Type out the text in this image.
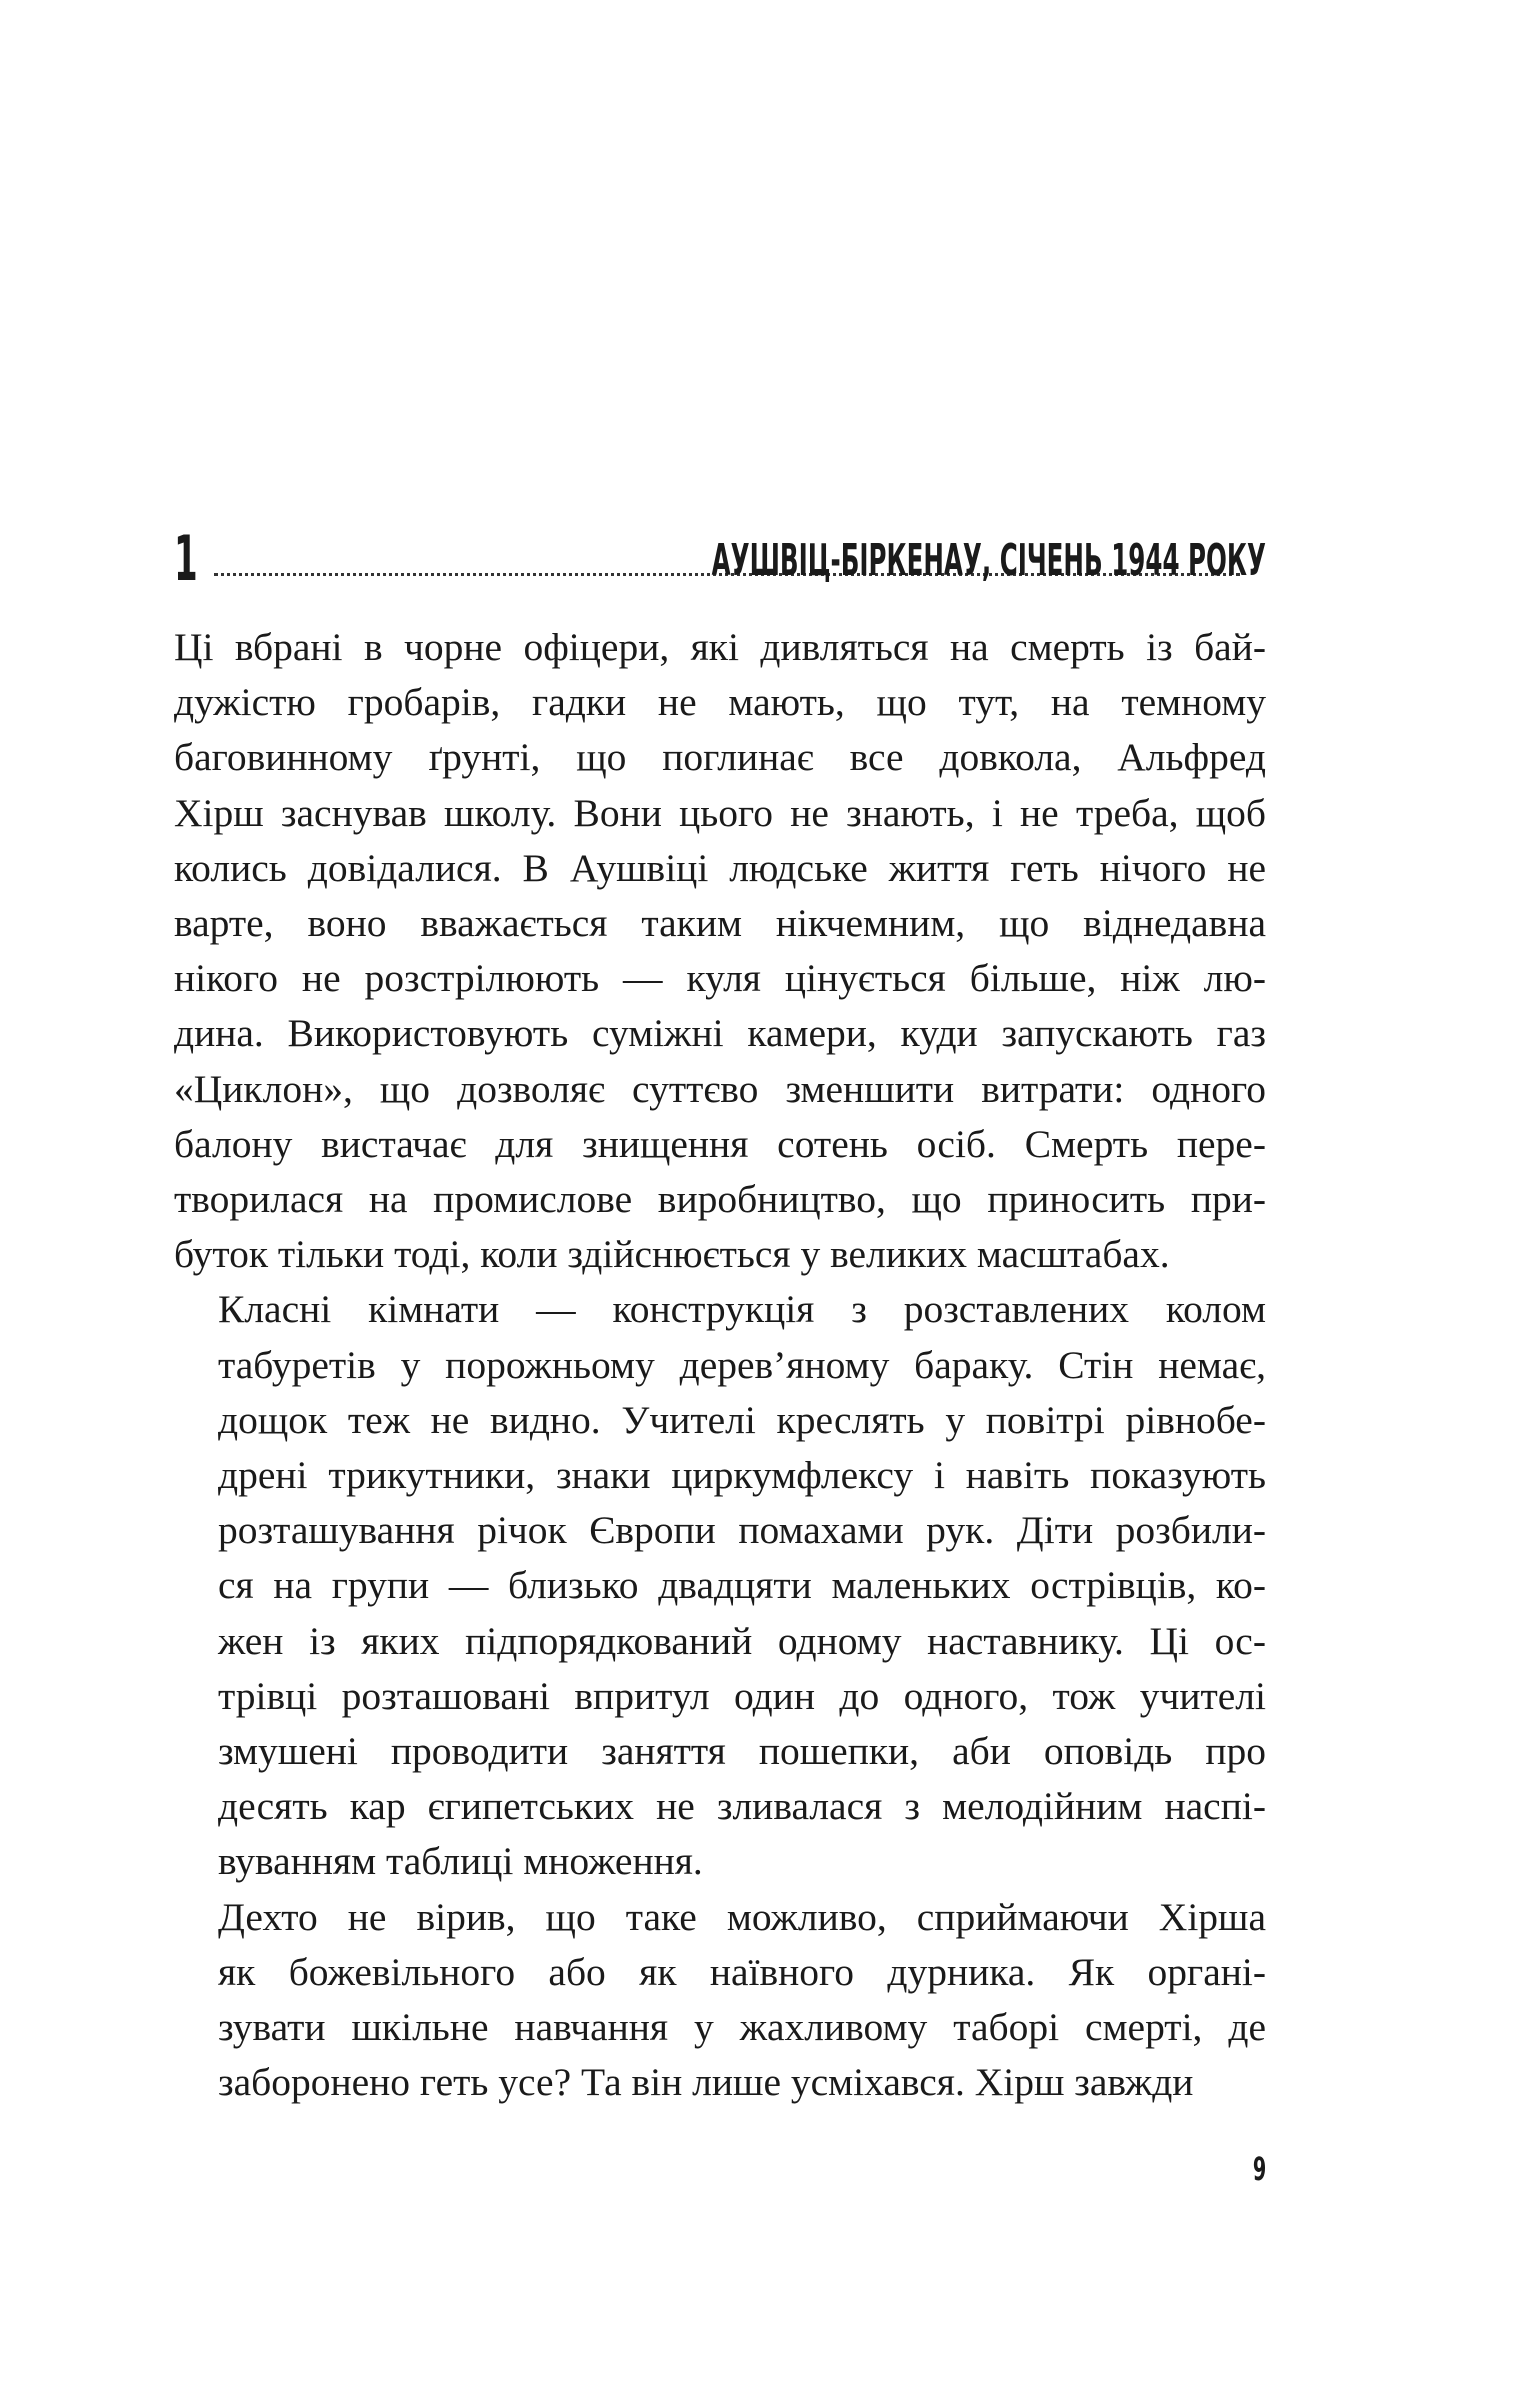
1	АУШВІЦ-БІРКЕНАУ, СІЧЕНЬ 1944 РОКУ

Ці вбрані в чорне офіцери, які дивляться на смерть із бай-
дужістю гробарів, гадки не мають, що тут, на темному
баговинному ґрунті, що поглинає все довкола, Альфред
Хірш заснував школу. Вони цього не знають, і не треба, щоб
колись довідалися. В Аушвіці людське життя геть нічого не
варте, воно вважається таким нікчемним, що віднедавна
нікого не розстрілюють — куля цінується більше, ніж лю-
дина. Використовують суміжні камери, куди запускають газ
«Циклон», що дозволяє суттєво зменшити витрати: одного
балону вистачає для знищення сотень осіб. Смерть пере-
творилася на промислове виробництво, що приносить при-
буток тільки тоді, коли здійснюється у великих масштабах.

Класні кімнати — конструкція з розставлених колом
табуретів у порожньому дерев’яному бараку. Стін немає,
дощок теж не видно. Учителі креслять у повітрі рівнобе-
дрені трикутники, знаки циркумфлексу і навіть показують
розташування річок Європи помахами рук. Діти розбили-
ся на групи — близько двадцяти маленьких острівців, ко-
жен із яких підпорядкований одному наставнику. Ці ос-
трівці розташовані впритул один до одного, тож учителі
змушені проводити заняття пошепки, аби оповідь про
десять кар єгипетських не зливалася з мелодійним наспі-
вуванням таблиці множення.

Дехто не вірив, що таке можливо, сприймаючи Хірша
як божевільного або як наївного дурника. Як органі-
зувати шкільне навчання у жахливому таборі смерті, де
заборонено геть усе? Та він лише усміхався. Хірш завжди

9
